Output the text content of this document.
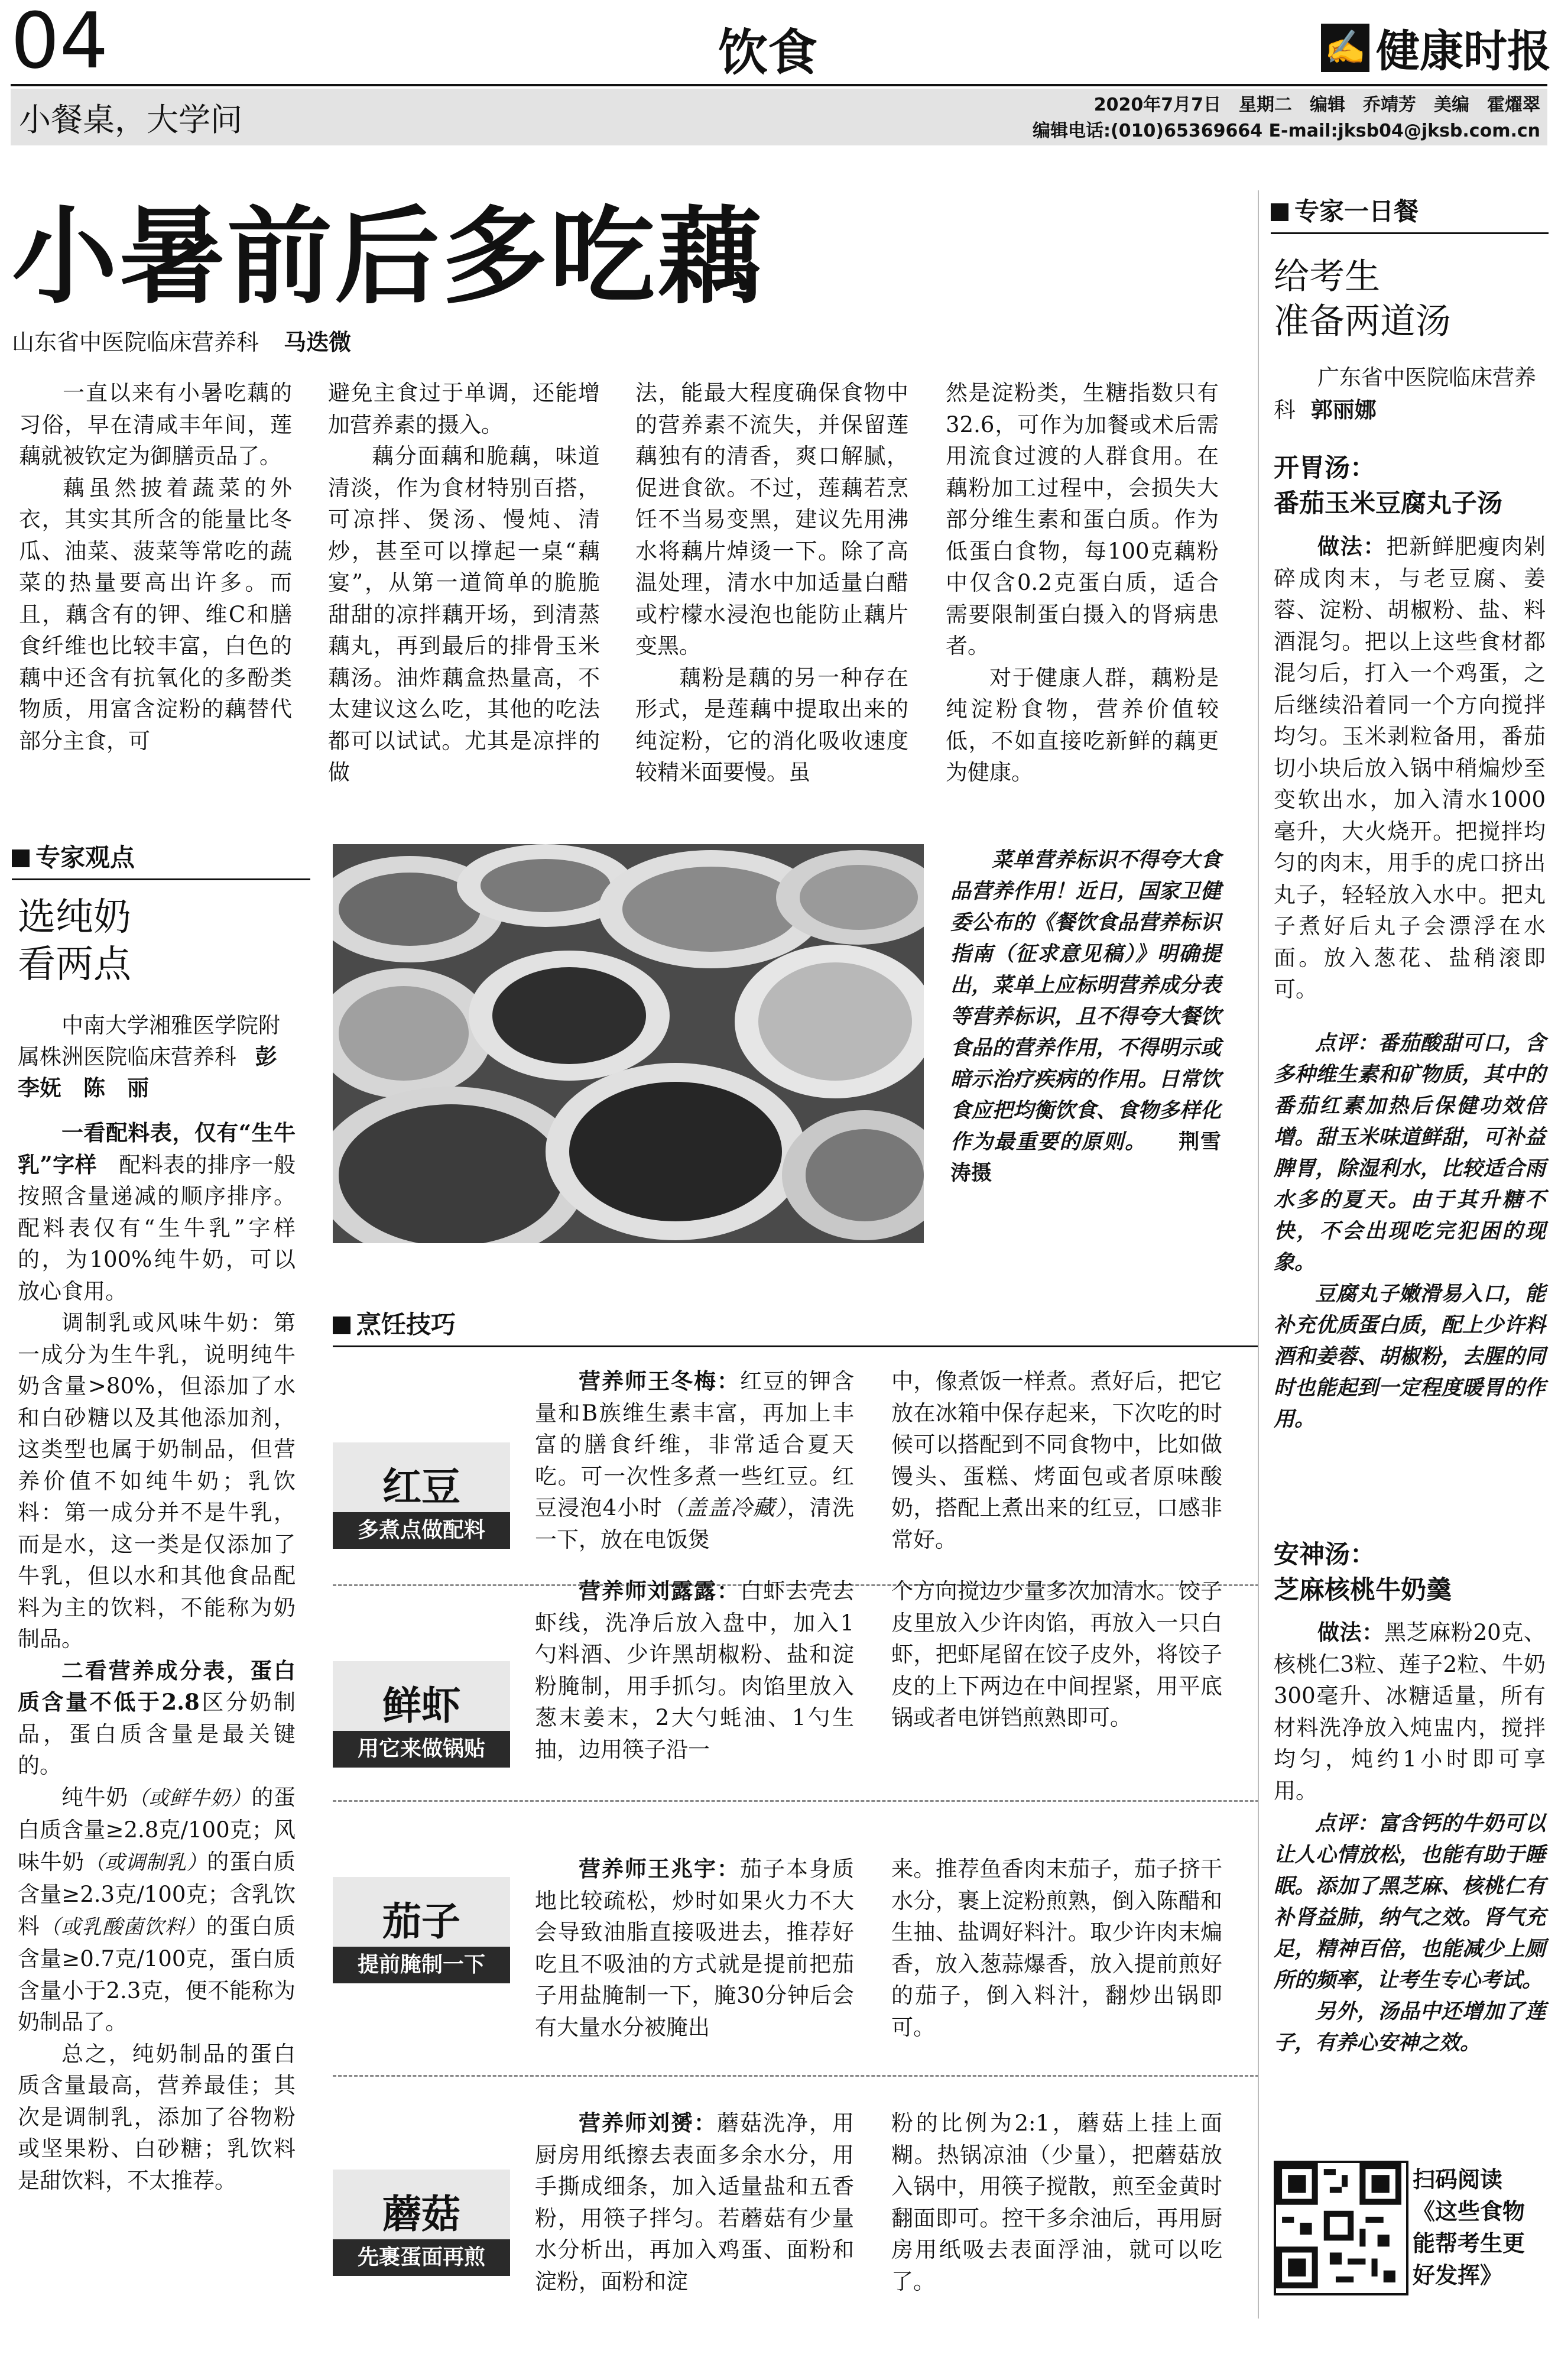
04	饮食	✍ 健康时报
小餐桌，大学问	2020年7月7日　星期二　编辑　乔靖芳　美编　霍燿翠
编辑电话:(010)65369664 E-mail:jksb04@jksb.com.cn
小暑前后多吃藕
山东省中医院临床营养科 马迭微

一直以来有小暑吃藕的习俗，早在清咸丰年间，莲藕就被钦定为御膳贡品了。

藕虽然披着蔬菜的外衣，其实其所含的能量比冬瓜、油菜、菠菜等常吃的蔬菜的热量要高出许多。而且，藕含有的钾、维C和膳食纤维也比较丰富，白色的藕中还含有抗氧化的多酚类物质，用富含淀粉的藕替代部分主食，可

避免主食过于单调，还能增加营养素的摄入。

藕分面藕和脆藕，味道清淡，作为食材特别百搭，可凉拌、煲汤、慢炖、清炒，甚至可以撑起一桌“藕宴”，从第一道简单的脆脆甜甜的凉拌藕开场，到清蒸藕丸，再到最后的排骨玉米藕汤。油炸藕盒热量高，不太建议这么吃，其他的吃法都可以试试。尤其是凉拌的做

法，能最大程度确保食物中的营养素不流失，并保留莲藕独有的清香，爽口解腻，促进食欲。不过，莲藕若烹饪不当易变黑，建议先用沸水将藕片焯烫一下。除了高温处理，清水中加适量白醋或柠檬水浸泡也能防止藕片变黑。

藕粉是藕的另一种存在形式，是莲藕中提取出来的纯淀粉，它的消化吸收速度较精米面要慢。虽

然是淀粉类，生糖指数只有32.6，可作为加餐或术后需用流食过渡的人群食用。在藕粉加工过程中，会损失大部分维生素和蛋白质。作为低蛋白食物，每100克藕粉中仅含0.2克蛋白质，适合需要限制蛋白摄入的肾病患者。

对于健康人群，藕粉是纯淀粉食物，营养价值较低，不如直接吃新鲜的藕更为健康。

专家观点
选纯奶
看两点
中南大学湘雅医学院附属株洲医院临床营养科 彭李妩　陈　丽

一看配料表，仅有“生牛乳”字样　 配料表的排序一般按照含量递减的顺序排序。配料表仅有“生牛乳”字样的，为100%纯牛奶，可以放心食用。

调制乳或风味牛奶：第一成分为生牛乳，说明纯牛奶含量>80%，但添加了水和白砂糖以及其他添加剂，这类型也属于奶制品，但营养价值不如纯牛奶；乳饮料：第一成分并不是牛乳，而是水，这一类是仅添加了牛乳，但以水和其他食品配料为主的饮料，不能称为奶制品。

二看营养成分表，蛋白质含量不低于2.8区分奶制品，蛋白质含量是最关键的。

纯牛奶（或鲜牛奶）的蛋白质含量≥2.8克/100克；风味牛奶（或调制乳）的蛋白质含量≥2.3克/100克；含乳饮料（或乳酸菌饮料）的蛋白质含量≥0.7克/100克，蛋白质含量小于2.3克，便不能称为奶制品了。

总之，纯奶制品的蛋白质含量最高，营养最佳；其次是调制乳，添加了谷物粉或坚果粉、白砂糖；乳饮料是甜饮料，不太推荐。

菜单营养标识不得夸大食品营养作用！近日，国家卫健委公布的《餐饮食品营养标识指南（征求意见稿）》明确提出，菜单上应标明营养成分表等营养标识，且不得夸大餐饮食品的营养作用，不得明示或暗示治疗疾病的作用。日常饮食应把均衡饮食、食物多样化作为最重要的原则。 荆雪涛摄
烹饪技巧
红豆
多煮点做配料

营养师王冬梅：红豆的钾含量和B族维生素丰富，再加上丰富的膳食纤维，非常适合夏天吃。可一次性多煮一些红豆。红豆浸泡4小时（盖盖冷藏），清洗一下，放在电饭煲

中，像煮饭一样煮。煮好后，把它放在冰箱中保存起来，下次吃的时候可以搭配到不同食物中，比如做馒头、蛋糕、烤面包或者原味酸奶，搭配上煮出来的红豆，口感非常好。

鲜虾
用它来做锅贴

营养师刘露露：白虾去壳去虾线，洗净后放入盘中，加入1勺料酒、少许黑胡椒粉、盐和淀粉腌制，用手抓匀。肉馅里放入葱末姜末，2大勺蚝油、1勺生抽，边用筷子沿一

个方向搅边少量多次加清水。饺子皮里放入少许肉馅，再放入一只白虾，把虾尾留在饺子皮外，将饺子皮的上下两边在中间捏紧，用平底锅或者电饼铛煎熟即可。

茄子
提前腌制一下

营养师王兆宇：茄子本身质地比较疏松，炒时如果火力不大会导致油脂直接吸进去，推荐好吃且不吸油的方式就是提前把茄子用盐腌制一下，腌30分钟后会有大量水分被腌出

来。推荐鱼香肉末茄子，茄子挤干水分，裹上淀粉煎熟，倒入陈醋和生抽、盐调好料汁。取少许肉末煸香，放入葱蒜爆香，放入提前煎好的茄子，倒入料汁，翻炒出锅即可。

蘑菇
先裹蛋面再煎

营养师刘赟：蘑菇洗净，用厨房用纸擦去表面多余水分，用手撕成细条，加入适量盐和五香粉，用筷子拌匀。若蘑菇有少量水分析出，再加入鸡蛋、面粉和淀粉，面粉和淀

粉的比例为2:1，蘑菇上挂上面糊。热锅凉油（少量），把蘑菇放入锅中，用筷子搅散，煎至金黄时翻面即可。控干多余油后，再用厨房用纸吸去表面浮油，就可以吃了。

专家一日餐
给考生
准备两道汤
广东省中医院临床营养科 郭丽娜
开胃汤：
番茄玉米豆腐丸子汤

做法：把新鲜肥瘦肉剁碎成肉末，与老豆腐、姜蓉、淀粉、胡椒粉、盐、料酒混匀。把以上这些食材都混匀后，打入一个鸡蛋，之后继续沿着同一个方向搅拌均匀。玉米剥粒备用，番茄切小块后放入锅中稍煸炒至变软出水，加入清水1000毫升，大火烧开。把搅拌均匀的肉末，用手的虎口挤出丸子，轻轻放入水中。把丸子煮好后丸子会漂浮在水面。放入葱花、盐稍滚即可。

点评：番茄酸甜可口，含多种维生素和矿物质，其中的番茄红素加热后保健功效倍增。甜玉米味道鲜甜，可补益脾胃，除湿利水，比较适合雨水多的夏天。由于其升糖不快，不会出现吃完犯困的现象。

豆腐丸子嫩滑易入口，能补充优质蛋白质，配上少许料酒和姜蓉、胡椒粉，去腥的同时也能起到一定程度暖胃的作用。

安神汤：
芝麻核桃牛奶羹

做法：黑芝麻粉20克、核桃仁3粒、莲子2粒、牛奶300毫升、冰糖适量，所有材料洗净放入炖盅内，搅拌均匀，炖约1小时即可享用。

点评：富含钙的牛奶可以让人心情放松，也能有助于睡眠。添加了黑芝麻、核桃仁有补肾益肺，纳气之效。肾气充足，精神百倍，也能减少上厕所的频率，让考生专心考试。

另外，汤品中还增加了莲子，有养心安神之效。

扫码阅读《这些食物能帮考生更好发挥》
